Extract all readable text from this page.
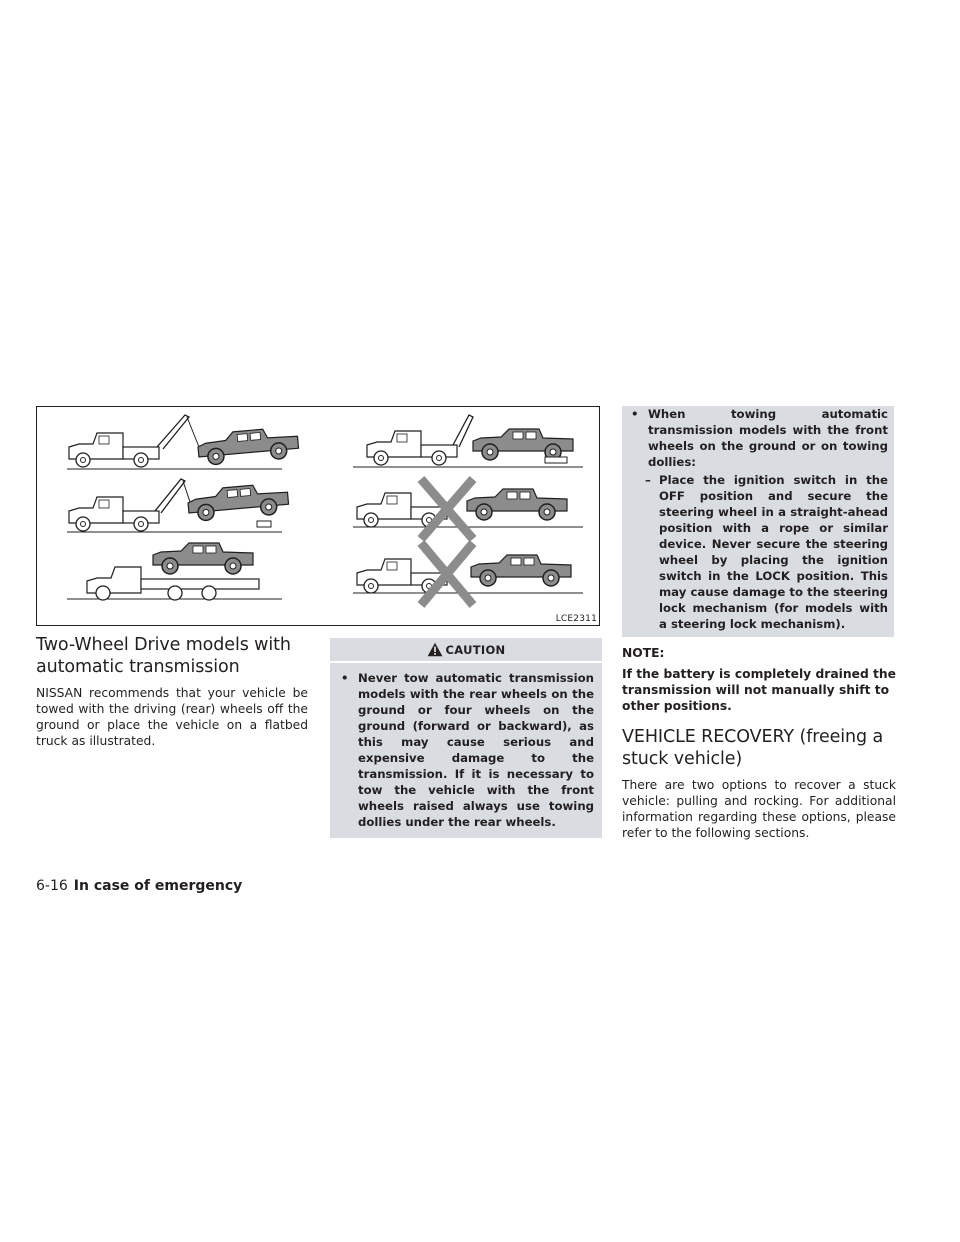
LCE2311
Two-Wheel Drive models with automatic transmission

NISSAN recommends that your vehicle be towed with the driving (rear) wheels off the ground or place the vehicle on a flatbed truck as illustrated.

CAUTION
• Never tow automatic transmission models with the rear wheels on the ground or four wheels on the ground (forward or backward), as this may cause serious and expensive damage to the transmission. If it is necessary to tow the vehicle with the front wheels raised always use towing dollies under the rear wheels.
• When towing automatic transmission models with the front wheels on the ground or on towing dollies:
– Place the ignition switch in the OFF position and secure the steering wheel in a straight-ahead position with a rope or similar device. Never secure the steering wheel by placing the ignition switch in the LOCK position. This may cause damage to the steering lock mechanism (for models with a steering lock mechanism).
NOTE:
If the battery is completely drained the transmission will not manually shift to other positions.
VEHICLE RECOVERY (freeing a stuck vehicle)

There are two options to recover a stuck vehicle: pulling and rocking. For additional information regarding these options, please refer to the following sections.

6-16 In case of emergency
